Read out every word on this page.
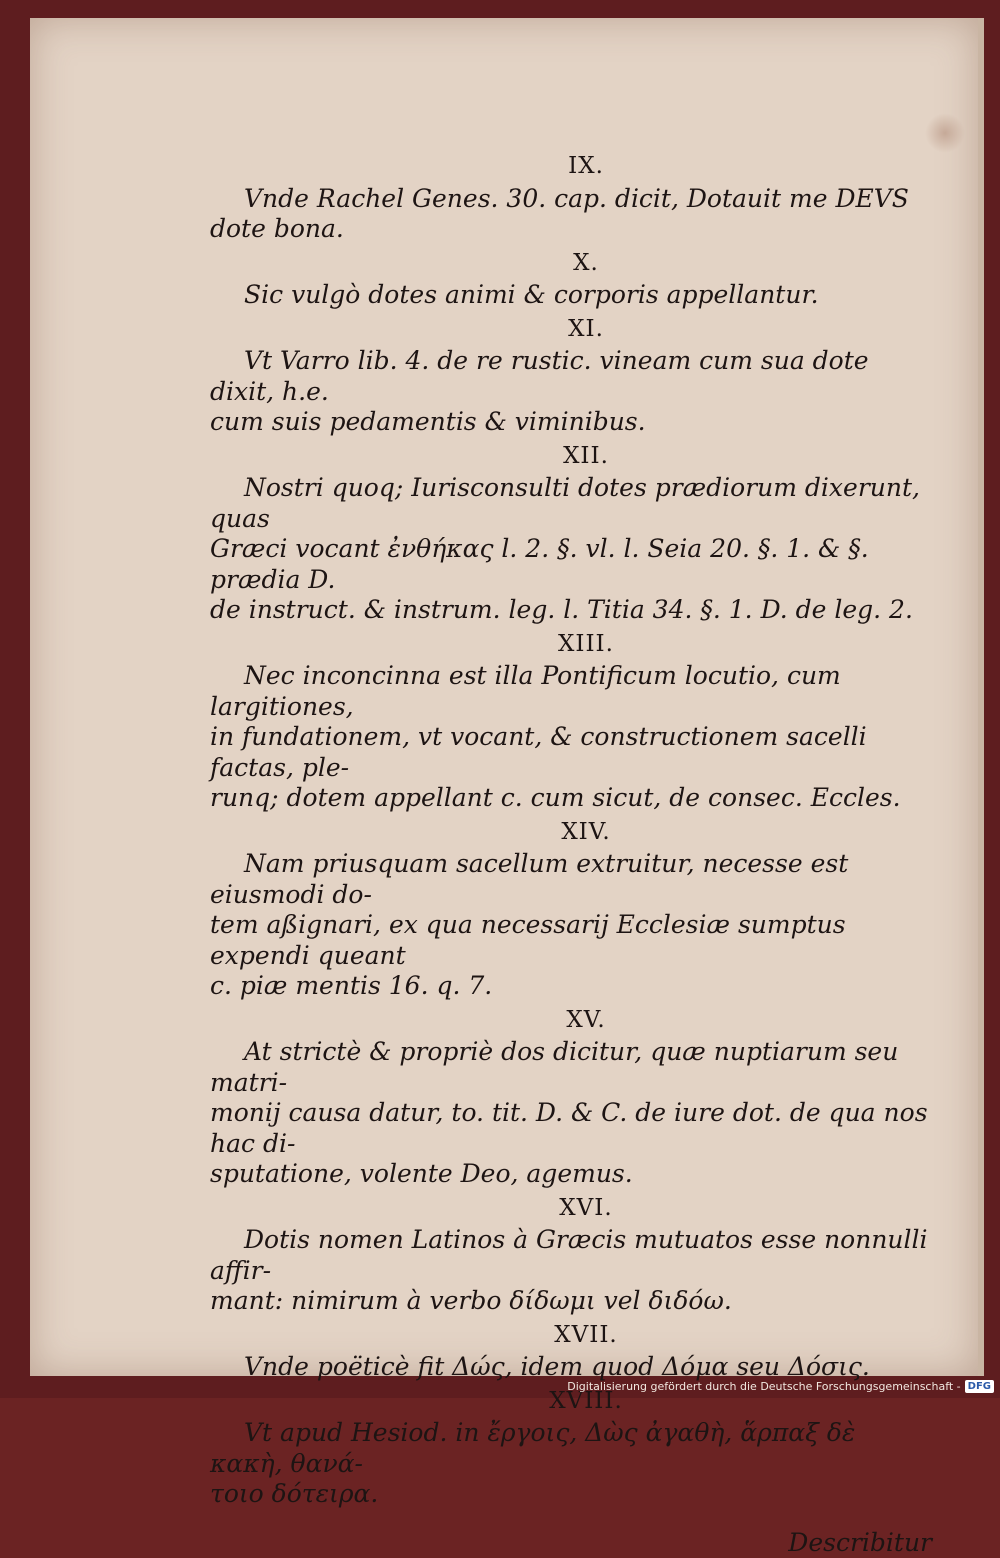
IX.
Vnde Rachel Genes. 30. cap. dicit, Dotauit me DEVS
dote bona.
X.
Sic vulgò dotes animi & corporis appellantur.
XI.
Vt Varro lib. 4. de re rustic. vineam cum sua dote dixit, h.e.
cum suis pedamentis & viminibus.
XII.
Nostri quoq; Iurisconsulti dotes prædiorum dixerunt, quas
Græci vocant ἐνθήκας l. 2. §. vl. l. Seia 20. §. 1. & §. prædia D.
de instruct. & instrum. leg. l. Titia 34. §. 1. D. de leg. 2.
XIII.
Nec inconcinna est illa Pontificum locutio, cum largitiones,
in fundationem, vt vocant, & constructionem sacelli factas, ple-
runq; dotem appellant c. cum sicut, de consec. Eccles.
XIV.
Nam priusquam sacellum extruitur, necesse est eiusmodi do-
tem aßignari, ex qua necessarij Ecclesiæ sumptus expendi queant
c. piæ mentis 16. q. 7.
XV.
At strictè & propriè dos dicitur, quæ nuptiarum seu matri-
monij causa datur, to. tit. D. & C. de iure dot. de qua nos hac di-
sputatione, volente Deo, agemus.
XVI.
Dotis nomen Latinos à Græcis mutuatos esse nonnulli affir-
mant: nimirum à verbo δίδωμι vel διδόω.
XVII.
Vnde poëticè fit Δώς, idem quod Δόμα seu Δόσις.
XVIII.
Vt apud Hesiod. in ἔργοις, Δὼς ἀγαθὴ, ἅρπαξ δὲ κακὴ, θανά-
τοιο δότειρα.
Describitur
Digitalisierung gefördert durch die Deutsche Forschungsgemeinschaft - DFG
